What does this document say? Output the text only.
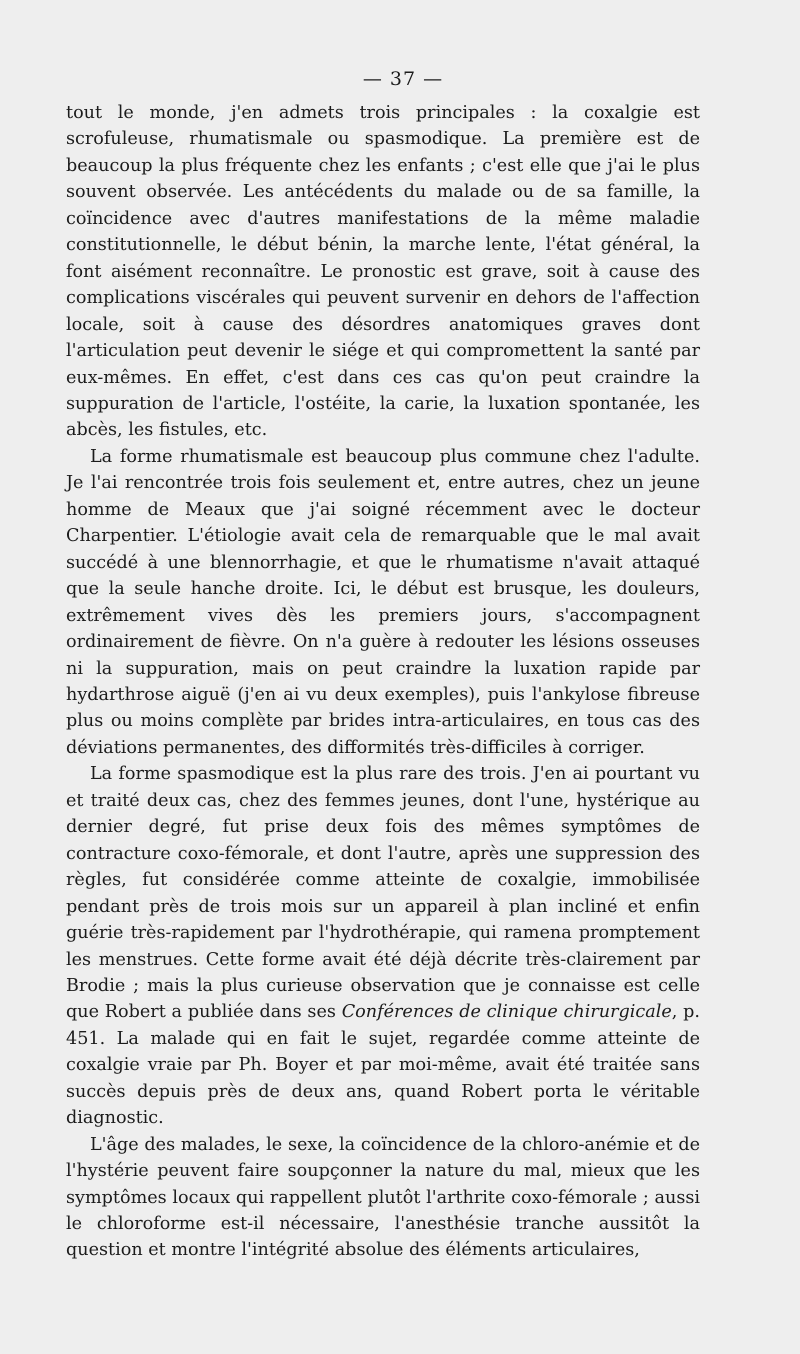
— 37 —

tout le monde, j'en admets trois principales : la coxalgie est scrofuleuse, rhumatismale ou spasmodique. La première est de beaucoup la plus fréquente chez les enfants ; c'est elle que j'ai le plus souvent observée. Les antécédents du malade ou de sa famille, la coïncidence avec d'autres manifestations de la même maladie constitutionnelle, le début bénin, la marche lente, l'état général, la font aisément reconnaître. Le pronostic est grave, soit à cause des complications viscérales qui peuvent survenir en dehors de l'affection locale, soit à cause des désordres anatomiques graves dont l'articulation peut devenir le siége et qui compromettent la santé par eux-mêmes. En effet, c'est dans ces cas qu'on peut craindre la suppuration de l'article, l'ostéite, la carie, la luxation spontanée, les abcès, les fistules, etc.

La forme rhumatismale est beaucoup plus commune chez l'adulte. Je l'ai rencontrée trois fois seulement et, entre autres, chez un jeune homme de Meaux que j'ai soigné récemment avec le docteur Charpentier. L'étiologie avait cela de remarquable que le mal avait succédé à une blennorrhagie, et que le rhumatisme n'avait attaqué que la seule hanche droite. Ici, le début est brusque, les douleurs, extrêmement vives dès les premiers jours, s'accompagnent ordinairement de fièvre. On n'a guère à redouter les lésions osseuses ni la suppuration, mais on peut craindre la luxation rapide par hydarthrose aiguë (j'en ai vu deux exemples), puis l'ankylose fibreuse plus ou moins complète par brides intra-articulaires, en tous cas des déviations permanentes, des difformités très-difficiles à corriger.

La forme spasmodique est la plus rare des trois. J'en ai pourtant vu et traité deux cas, chez des femmes jeunes, dont l'une, hystérique au dernier degré, fut prise deux fois des mêmes symptômes de contracture coxo-fémorale, et dont l'autre, après une suppression des règles, fut considérée comme atteinte de coxalgie, immobilisée pendant près de trois mois sur un appareil à plan incliné et enfin guérie très-rapidement par l'hydrothérapie, qui ramena promptement les menstrues. Cette forme avait été déjà décrite très-clairement par Brodie ; mais la plus curieuse observation que je connaisse est celle que Robert a publiée dans ses Conférences de clinique chirurgicale, p. 451. La malade qui en fait le sujet, regardée comme atteinte de coxalgie vraie par Ph. Boyer et par moi-même, avait été traitée sans succès depuis près de deux ans, quand Robert porta le véritable diagnostic.

L'âge des malades, le sexe, la coïncidence de la chloro-anémie et de l'hystérie peuvent faire soupçonner la nature du mal, mieux que les symptômes locaux qui rappellent plutôt l'arthrite coxo-fémorale ; aussi le chloroforme est-il nécessaire, l'anesthésie tranche aussitôt la question et montre l'intégrité absolue des éléments articulaires,
